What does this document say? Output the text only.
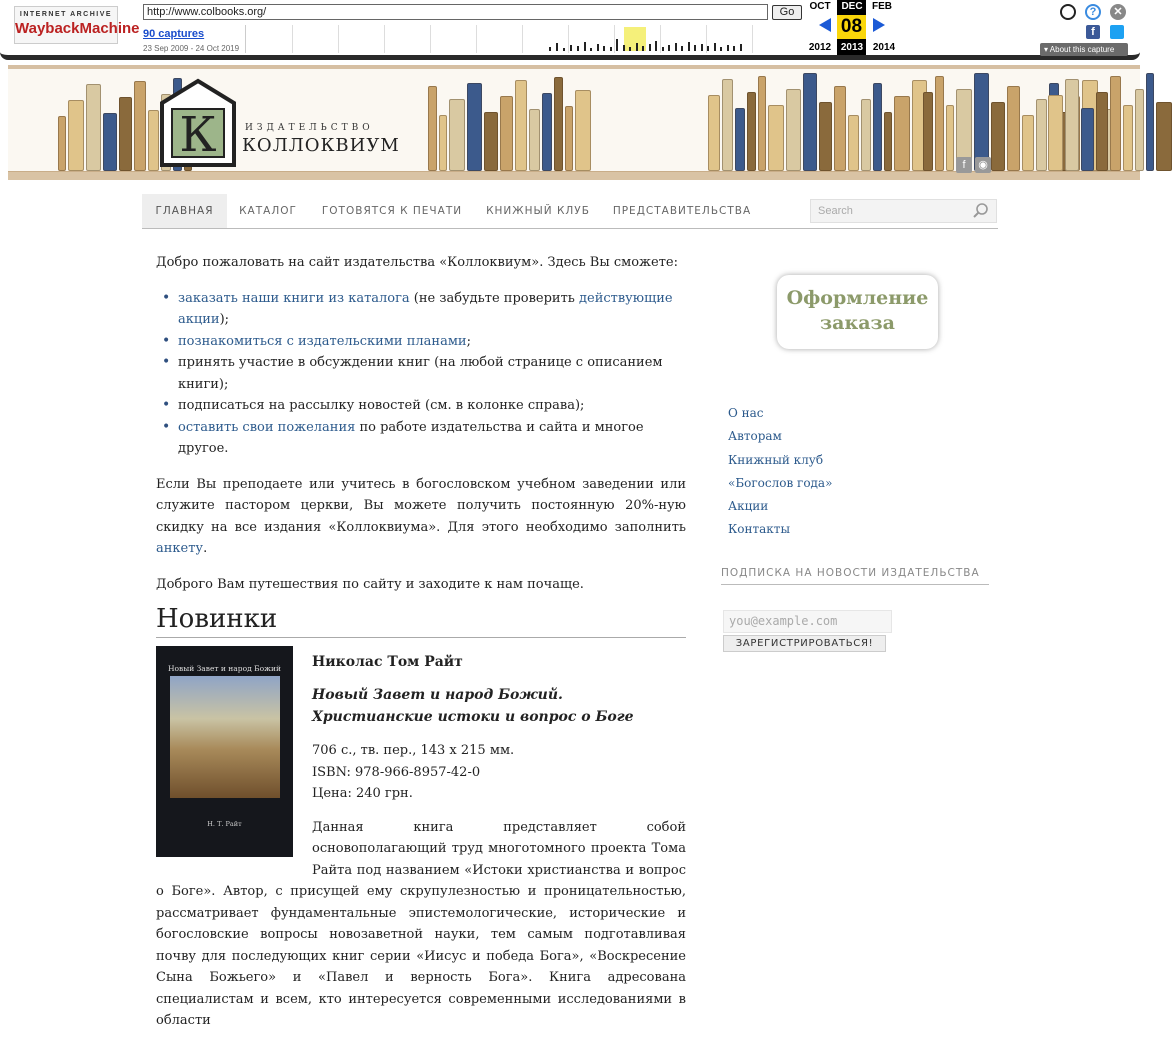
INTERNET ARCHIVE
WaybackMachine
http://www.colbooks.org/	Go
90 captures
23 Sep 2009 - 24 Oct 2019
OCT	DEC FEB
08
2012 2013 2014
?	✕
f
▾ About this capture
К	ИЗДАТЕЛЬСТВО
КОЛЛОКВИУМ
f ◉
ГЛАВНАЯ	КАТАЛОГ	ГОТОВЯТСЯ К ПЕЧАТИ	КНИЖНЫЙ КЛУБ	ПРЕДСТАВИТЕЛЬСТВА	Search

Добро пожаловать на сайт издательства «Коллоквиум». Здесь Вы сможете:

• заказать наши книги из каталога (не забудьте проверить действующие акции);
• познакомиться с издательскими планами;
• принять участие в обсуждении книг (на любой странице с описанием книги);
• подписаться на рассылку новостей (см. в колонке справа);
• оставить свои пожелания по работе издательства и сайта и многое другое.

Если Вы преподаете или учитесь в богословском учебном заведении или служите пастором церкви, Вы можете получить постоянную 20%-ную скидку на все издания «Коллоквиума». Для этого необходимо заполнить анкету.

Доброго Вам путешествия по сайту и заходите к нам почаще.

Новинки
Новый Завет и народ Божий
Н. Т. Райт
Николас Том Райт
Новый Завет и народ Божий. Христианские истоки и вопрос о Боге
706 с., тв. пер., 143 х 215 мм.
ISBN: 978-966-8957-42-0
Цена: 240 грн.

Данная книга представляет собой основополагающий труд многотомного проекта Тома Райта под названием «Истоки христианства и вопрос о Боге». Автор, с присущей ему скрупулезностью и проницательностью, рассматривает фундаментальные эпистемологические, исторические и богословские вопросы новозаветной науки, тем самым подготавливая почву для последующих книг серии «Иисус и победа Бога», «Воскресение Сына Божьего» и «Павел и верность Бога». Книга адресована специалистам и всем, кто интересуется современными исследованиями в области

Оформление
заказа
О нас
Авторам
Книжный клуб
«Богослов года»
Акции
Контакты
ПОДПИСКА НА НОВОСТИ ИЗДАТЕЛЬСТВА
you@example.com
ЗАРЕГИСТРИРОВАТЬСЯ!
